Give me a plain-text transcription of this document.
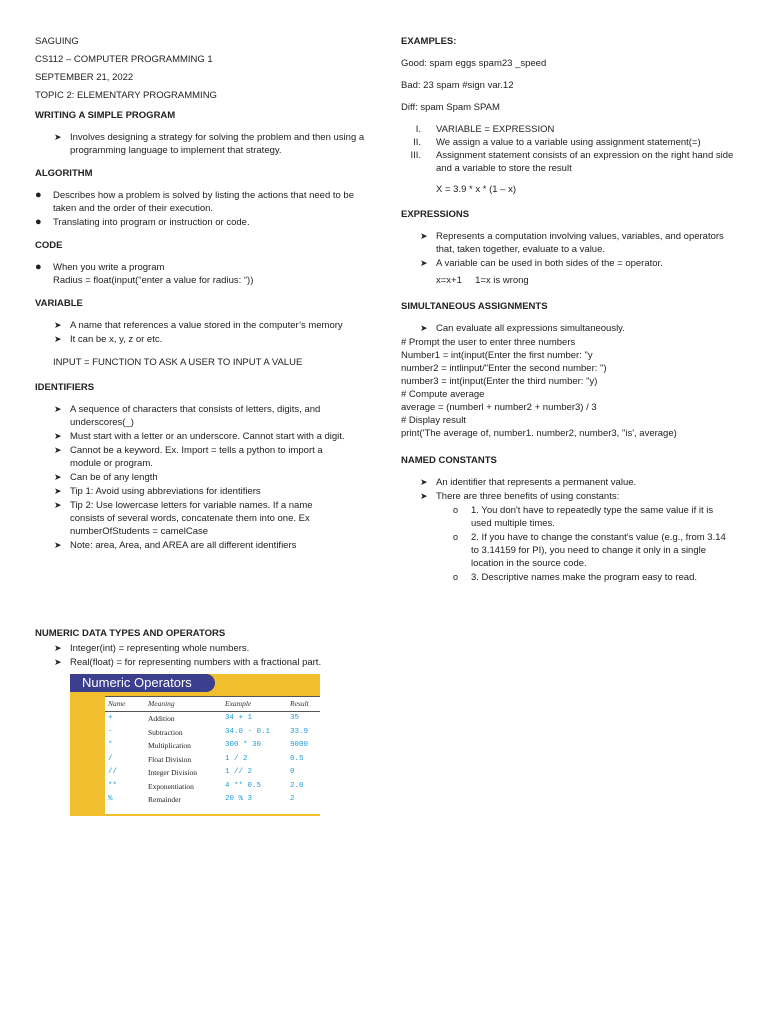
SAGUING
CS112 – COMPUTER PROGRAMMING 1
SEPTEMBER 21, 2022
TOPIC 2: ELEMENTARY PROGRAMMING
WRITING A SIMPLE PROGRAM
➤ Involves designing a strategy for solving the problem and then using a programming language to implement that strategy.
ALGORITHM
● Describes how a problem is solved by listing the actions that need to be taken and the order of their execution.
● Translating into program or instruction or code.
CODE
● When you write a program
Radius = float(input(“enter a value for radius: “))
VARIABLE
➤ A name that references a value stored in the computer’s memory
➤ It can be x, y, z or etc.
INPUT = FUNCTION TO ASK A USER TO INPUT A VALUE
IDENTIFIERS
➤ A sequence of characters that consists of letters, digits, and underscores(_)
➤ Must start with a letter or an underscore. Cannot start with a digit.
➤ Cannot be a keyword. Ex. Import = tells a python to import a module or program.
➤ Can be of any length
➤ Tip 1: Avoid using abbreviations for identifiers
➤ Tip 2: Use lowercase letters for variable names. If a name consists of several words, concatenate them into one. Ex numberOfStudents = camelCase
➤ Note: area, Area, and AREA are all different identifiers
EXAMPLES:
Good: spam eggs spam23 _speed
Bad: 23 spam #sign var.12
Diff: spam Spam SPAM
I. VARIABLE = EXPRESSION
II. We assign a value to a variable using assignment statement(=)
III. Assignment statement consists of an expression on the right hand side and a variable to store the result
X = 3.9 * x * (1 – x)
EXPRESSIONS
➤ Represents a computation involving values, variables, and operators that, taken together, evaluate to a value.
➤ A variable can be used in both sides of the = operator.
x=x+1     1=x is wrong
SIMULTANEOUS ASSIGNMENTS
➤ Can evaluate all expressions simultaneously.
# Prompt the user to enter three numbers
Number1 = int(input(Enter the first number: "y
number2 = intlinput/"Enter the second number: ")
number3 = int(input(Enter the third number: "y)
# Compute average
average = (numberl + number2 + number3) / 3
# Display result
print('The average of, number1. number2, number3, "is', average)
NAMED CONSTANTS
➤ An identifier that represents a permanent value.
➤ There are three benefits of using constants:
o 1. You don't have to repeatedly type the same value if it is used multiple times.
o 2. If you have to change the constant's value (e.g., from 3.14 to 3.14159 for PI), you need to change it only in a single location in the source code.
o 3. Descriptive names make the program easy to read.
NUMERIC DATA TYPES AND OPERATORS
➤ Integer(int) = representing whole numbers.
➤ Real(float) = for representing numbers with a fractional part.
Numeric Operators
Name	Meaning	Example	Result
+	Addition	34 + 1	35
-	Subtraction	34.0 - 0.1	33.9
*	Multiplication	300 * 30	9000
/	Float Division	1 / 2	0.5
//	Integer Division	1 // 2	0
**	Exponentiation	4 ** 0.5	2.0
%	Remainder	20 % 3	2
